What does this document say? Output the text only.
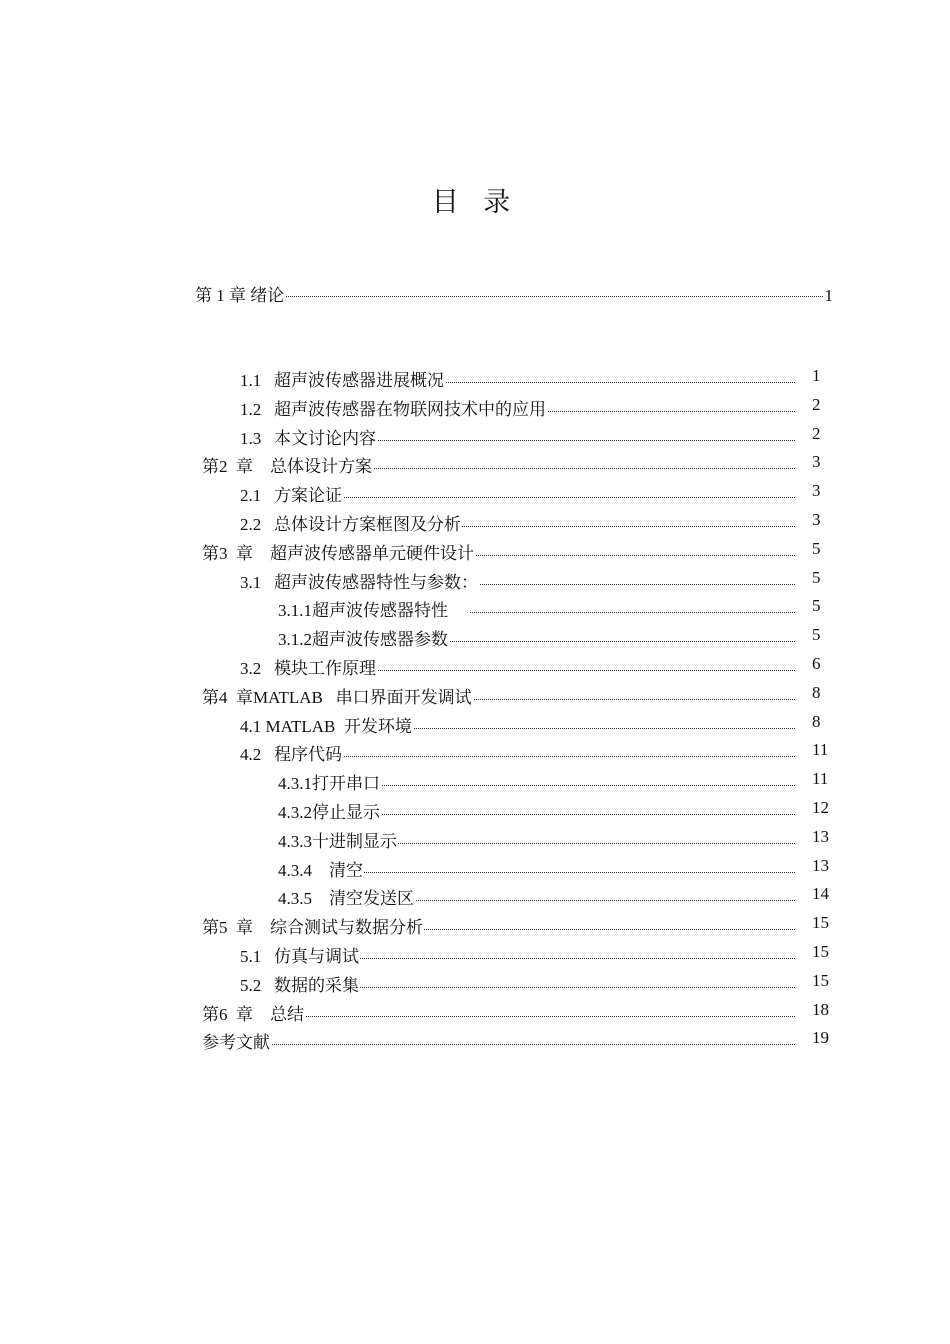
目 录
第 1 章 绪论	1
1.1   超声波传感器进展概况	1
1.2   超声波传感器在物联网技术中的应用	2
1.3   本文讨论内容	2
第2  章    总体设计方案	3
2.1   方案论证	3
2.2   总体设计方案框图及分析	3
第3  章    超声波传感器单元硬件设计	5
3.1   超声波传感器特性与参数：	5
3.1.1超声波传感器特性	5
3.1.2超声波传感器参数	5
3.2   模块工作原理	6
第4  章MATLAB   串口界面开发调试	8
4.1 MATLAB  开发环境	8
4.2   程序代码	11
4.3.1打开串口	11
4.3.2停止显示	12
4.3.3十进制显示	13
4.3.4    清空	13
4.3.5    清空发送区	14
第5  章    综合测试与数据分析	15
5.1   仿真与调试	15
5.2   数据的采集	15
第6  章    总结	18
参考文献	19
